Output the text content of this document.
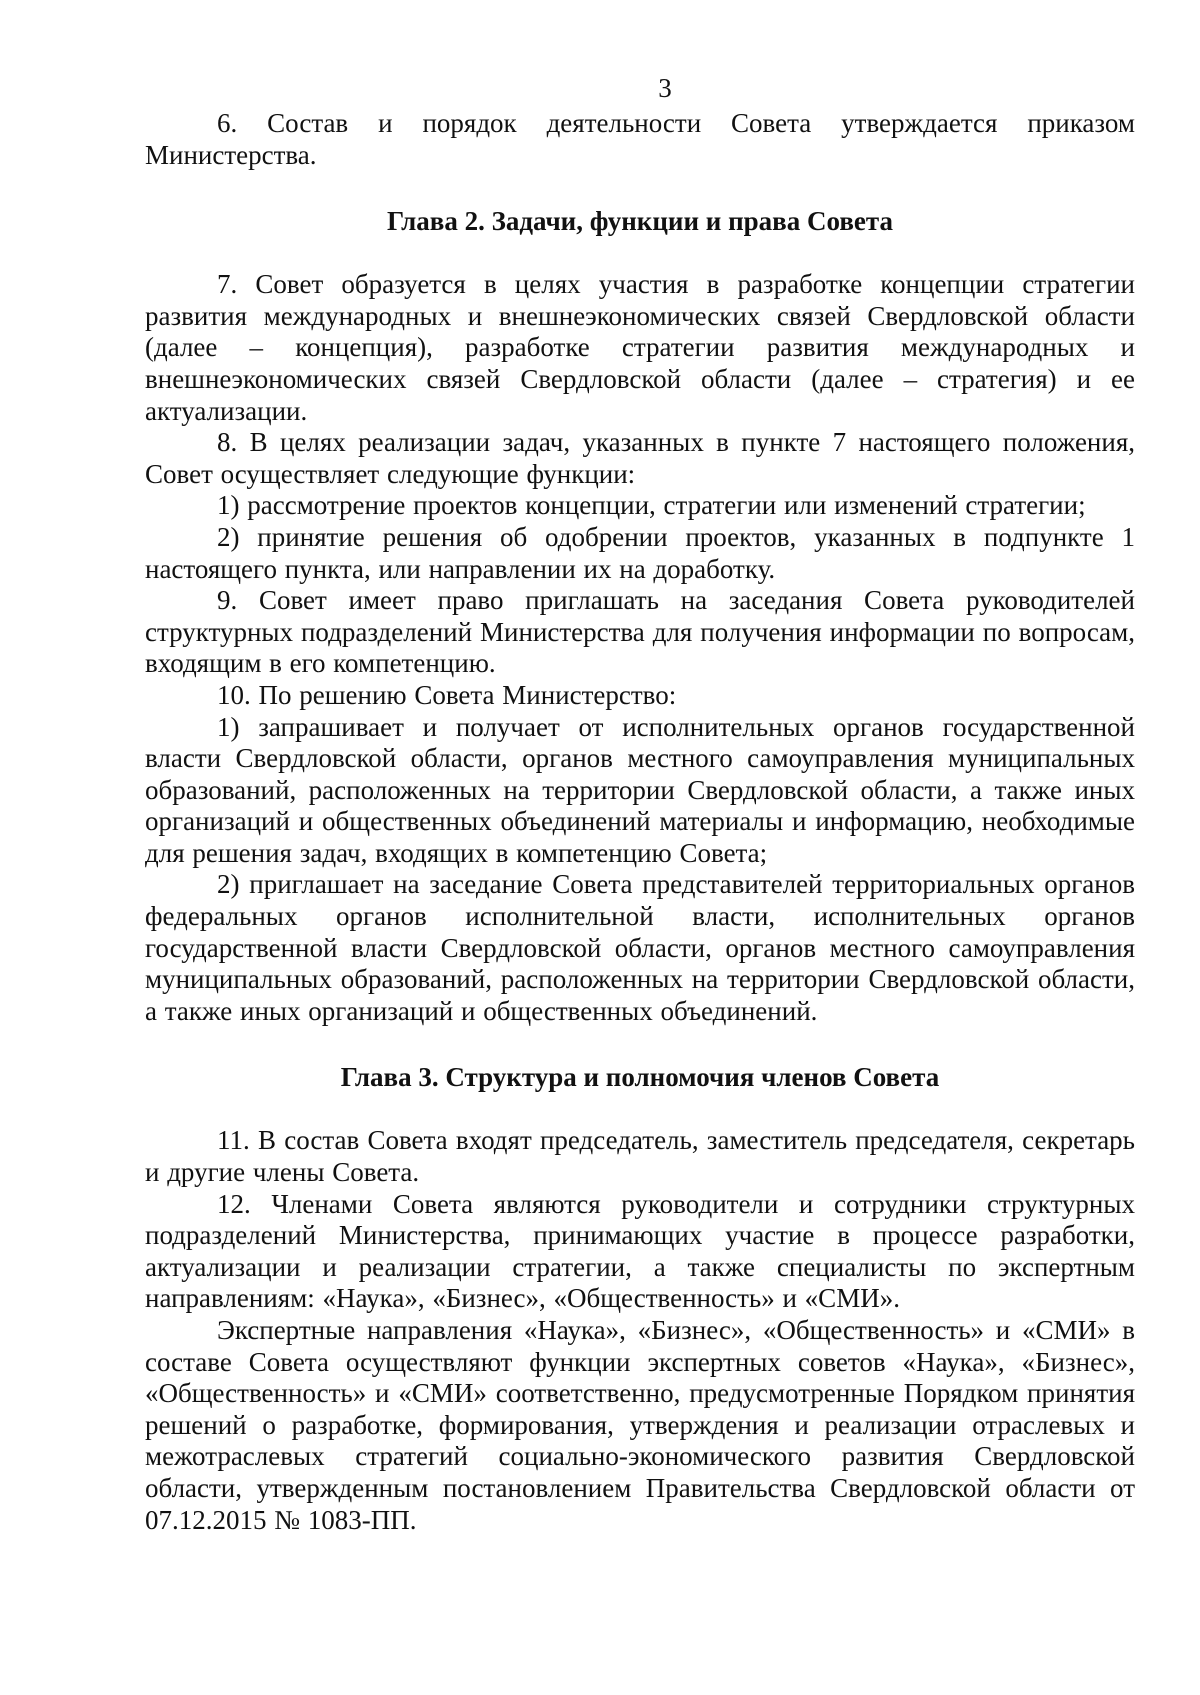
3

6. Состав и порядок деятельности Совета утверждается приказом Министерства.

Глава 2. Задачи, функции и права Совета

7. Совет образуется в целях участия в разработке концепции стратегии развития международных и внешнеэкономических связей Свердловской области (далее – концепция), разработке стратегии развития международных и внешнеэкономических связей Свердловской области (далее – стратегия) и ее актуализации.

8. В целях реализации задач, указанных в пункте 7 настоящего положения, Совет осуществляет следующие функции:

1) рассмотрение проектов концепции, стратегии или изменений стратегии;

2) принятие решения об одобрении проектов, указанных в подпункте 1 настоящего пункта, или направлении их на доработку.

9. Совет имеет право приглашать на заседания Совета руководителей структурных подразделений Министерства для получения информации по вопросам, входящим в его компетенцию.

10. По решению Совета Министерство:

1) запрашивает и получает от исполнительных органов государственной власти Свердловской области, органов местного самоуправления муниципальных образований, расположенных на территории Свердловской области, а также иных организаций и общественных объединений материалы и информацию, необходимые для решения задач, входящих в компетенцию Совета;

2) приглашает на заседание Совета представителей территориальных органов федеральных органов исполнительной власти, исполнительных органов государственной власти Свердловской области, органов местного самоуправления муниципальных образований, расположенных на территории Свердловской области, а также иных организаций и общественных объединений.

Глава 3. Структура и полномочия членов Совета

11. В состав Совета входят председатель, заместитель председателя, секретарь и другие члены Совета.

12. Членами Совета являются руководители и сотрудники структурных подразделений Министерства, принимающих участие в процессе разработки, актуализации и реализации стратегии, а также специалисты по экспертным направлениям: «Наука», «Бизнес», «Общественность» и «СМИ».

Экспертные направления «Наука», «Бизнес», «Общественность» и «СМИ» в составе Совета осуществляют функции экспертных советов «Наука», «Бизнес», «Общественность» и «СМИ» соответственно, предусмотренные Порядком принятия решений о разработке, формирования, утверждения и реализации отраслевых и межотраслевых стратегий социально-экономического развития Свердловской области, утвержденным постановлением Правительства Свердловской области от 07.12.2015 № 1083-ПП.
